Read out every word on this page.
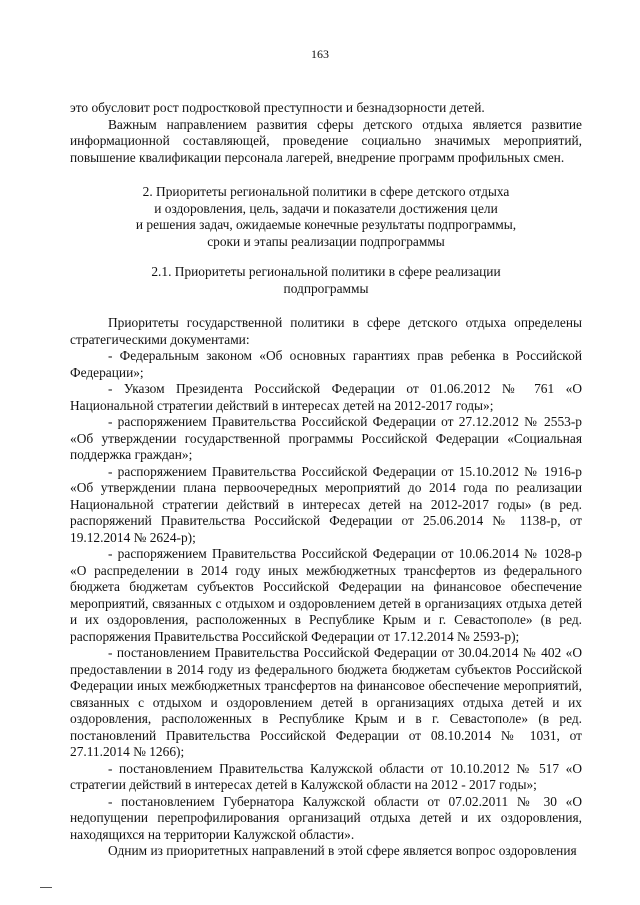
163

это обусловит рост подростковой преступности и безнадзорности детей.

Важным направлением развития сферы детского отдыха является развитие информационной составляющей, проведение социально значимых мероприятий, повышение квалификации персонала лагерей, внедрение программ профильных смен.

2. Приоритеты региональной политики в сфере детского отдыха

и оздоровления, цель, задачи и показатели достижения цели

и решения задач, ожидаемые конечные результаты подпрограммы,

сроки и этапы реализации подпрограммы

2.1. Приоритеты региональной политики в сфере реализации

подпрограммы

Приоритеты государственной политики в сфере детского отдыха определены стратегическими документами:

- Федеральным законом «Об основных гарантиях прав ребенка в Российской Федерации»;

- Указом Президента Российской Федерации от 01.06.2012 № 761 «О Национальной стратегии действий в интересах детей на 2012-2017 годы»;

- распоряжением Правительства Российской Федерации от 27.12.2012 № 2553-р «Об утверждении государственной программы Российской Федерации «Социальная поддержка граждан»;

- распоряжением Правительства Российской Федерации от 15.10.2012 № 1916-р «Об утверждении плана первоочередных мероприятий до 2014 года по реализации Национальной стратегии действий в интересах детей на 2012-2017 годы» (в ред. распоряжений Правительства Российской Федерации от 25.06.2014 № 1138-р, от 19.12.2014 № 2624-р);

- распоряжением Правительства Российской Федерации от 10.06.2014 № 1028-р «О распределении в 2014 году иных межбюджетных трансфертов из федерального бюджета бюджетам субъектов Российской Федерации на финансовое обеспечение мероприятий, связанных с отдыхом и оздоровлением детей в организациях отдыха детей и их оздоровления, расположенных в Республике Крым и г. Севастополе» (в ред. распоряжения Правительства Российской Федерации от 17.12.2014 № 2593-р);

- постановлением Правительства Российской Федерации от 30.04.2014 № 402 «О предоставлении в 2014 году из федерального бюджета бюджетам субъектов Российской Федерации иных межбюджетных трансфертов на финансовое обеспечение мероприятий, связанных с отдыхом и оздоровлением детей в организациях отдыха детей и их оздоровления, расположенных в Республике Крым и в г. Севастополе» (в ред. постановлений Правительства Российской Федерации от 08.10.2014 № 1031, от 27.11.2014 № 1266);

- постановлением Правительства Калужской области от 10.10.2012 № 517 «О стратегии действий в интересах детей в Калужской области на 2012 - 2017 годы»;

- постановлением Губернатора Калужской области от 07.02.2011 № 30 «О недопущении перепрофилирования организаций отдыха детей и их оздоровления, находящихся на территории Калужской области».

Одним из приоритетных направлений в этой сфере является вопрос оздоровления
